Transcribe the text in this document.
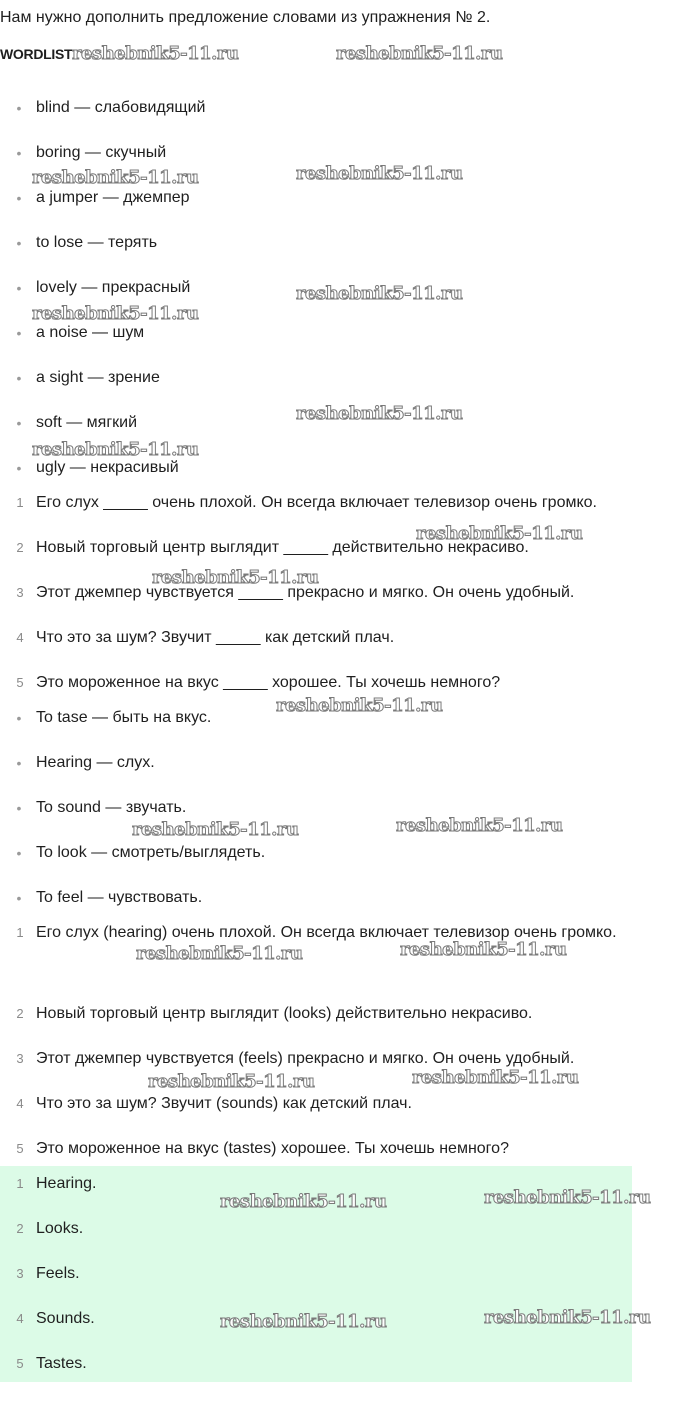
Нам нужно дополнить предложение словами из упражнения № 2.
WORDLIST
• blind — слабовидящий
• boring — скучный
• a jumper — джемпер
• to lose — терять
• lovely — прекрасный
• a noise — шум
• a sight — зрение
• soft — мягкий
• ugly — некрасивый
1 Его слух _____ очень плохой. Он всегда включает телевизор очень громко.
2 Новый торговый центр выглядит _____ действительно некрасиво.
3 Этот джемпер чувствуется _____ прекрасно и мягко. Он очень удобный.
4 Что это за шум? Звучит _____ как детский плач.
5 Это мороженное на вкус _____ хорошее. Ты хочешь немного?
• To tase — быть на вкус.
• Hearing — слух.
• To sound — звучать.
• To look — смотреть/выглядеть.
• To feel — чувствовать.
1 Его слух (hearing) очень плохой. Он всегда включает телевизор очень громко.
2 Новый торговый центр выглядит (looks) действительно некрасиво.
3 Этот джемпер чувствуется (feels) прекрасно и мягко. Он очень удобный.
4 Что это за шум? Звучит (sounds) как детский плач.
5 Это мороженное на вкус (tastes) хорошее. Ты хочешь немного?
1 Hearing.
2 Looks.
3 Feels.
4 Sounds.
5 Tastes.
reshebnik5-11.ru	reshebnik5-11.ru
reshebnik5-11.ru	reshebnik5-11.ru
reshebnik5-11.ru
reshebnik5-11.ru
reshebnik5-11.ru
reshebnik5-11.ru
reshebnik5-11.ru
reshebnik5-11.ru
reshebnik5-11.ru
reshebnik5-11.ru
reshebnik5-11.ru
reshebnik5-11.ru
reshebnik5-11.ru
reshebnik5-11.ru
reshebnik5-11.ru
reshebnik5-11.ru
reshebnik5-11.ru
reshebnik5-11.ru
reshebnik5-11.ru
